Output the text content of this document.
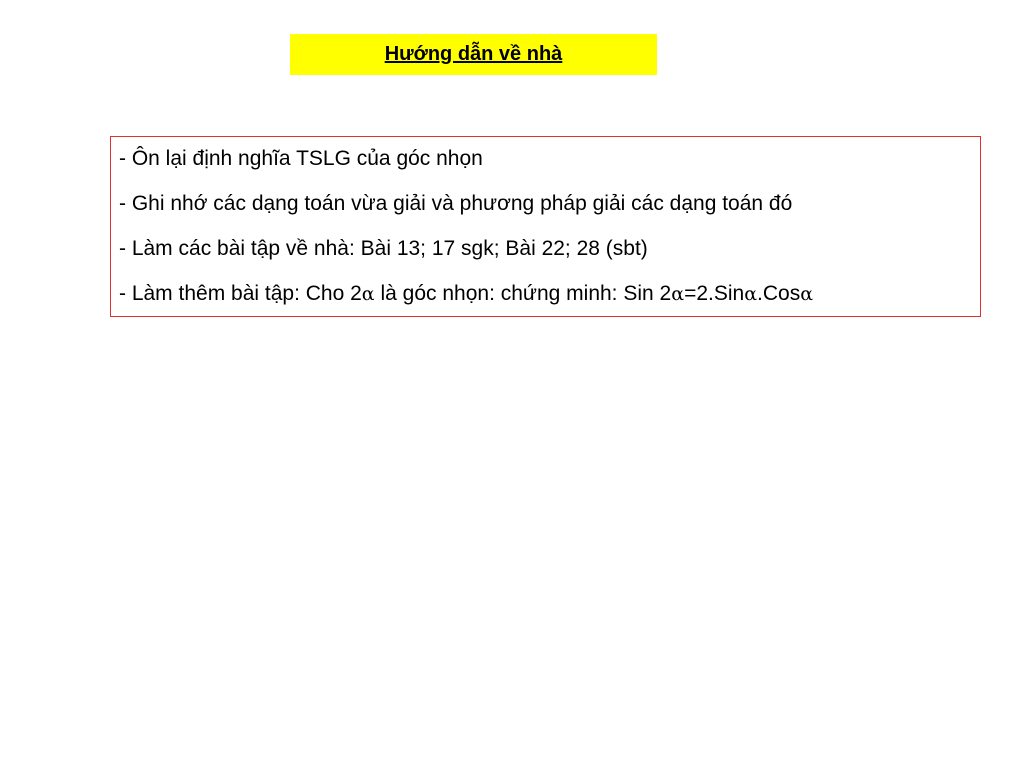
Hướng dẫn về nhà
- Ôn lại định nghĩa TSLG của góc nhọn
- Ghi nhớ các dạng toán vừa giải và phương pháp giải các dạng toán đó
- Làm các bài tập về nhà: Bài 13; 17 sgk; Bài 22; 28 (sbt)
- Làm thêm bài tập: Cho 2α là góc nhọn: chứng minh: Sin 2α=2.Sinα.Cosα
